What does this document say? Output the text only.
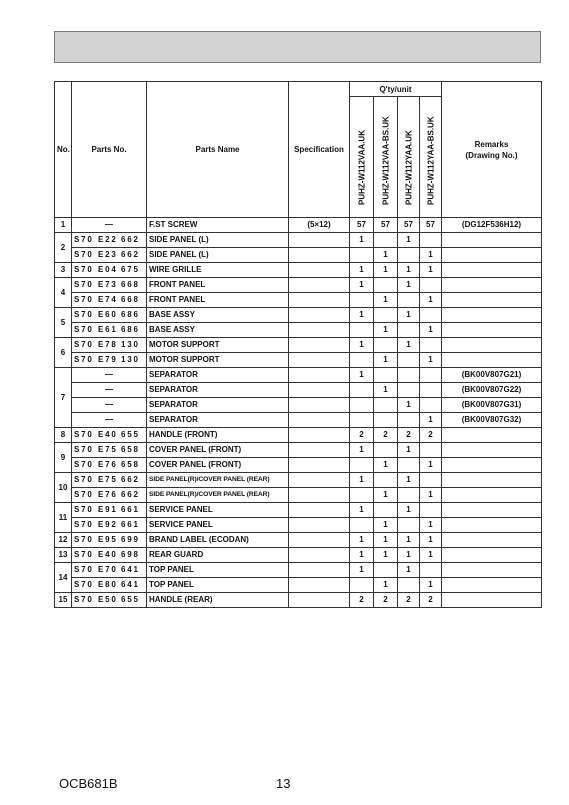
No.	Parts No.	Parts Name	Specification	Q'ty/unit				Remarks
(Drawing No.)

				PUHZ-W112VAA.UK	PUHZ-W112VAA-BS.UK	PUHZ-W112YAA.UK	PUHZ-W112YAA-BS.UK	

1	—	F.ST SCREW	(5×12)	57	57	57	57	(DG12F536H12)
2	S70 E22 662	SIDE PANEL (L)		1		1		
	S70 E23 662	SIDE PANEL (L)			1		1	
3	S70 E04 675	WIRE GRILLE		1	1	1	1	
4	S70 E73 668	FRONT PANEL		1		1		
	S70 E74 668	FRONT PANEL			1		1	
5	S70 E60 686	BASE ASSY		1		1		
	S70 E61 686	BASE ASSY			1		1	
6	S70 E78 130	MOTOR SUPPORT		1		1		
	S70 E79 130	MOTOR SUPPORT			1		1	
7	—	SEPARATOR		1				(BK00V807G21)
	—	SEPARATOR			1			(BK00V807G22)
	—	SEPARATOR				1		(BK00V807G31)
	—	SEPARATOR					1	(BK00V807G32)
8	S70 E40 655	HANDLE (FRONT)		2	2	2	2	
9	S70 E75 658	COVER PANEL (FRONT)		1		1		
	S70 E76 658	COVER PANEL (FRONT)			1		1	
10	S70 E75 662	SIDE PANEL(R)/COVER PANEL (REAR)		1		1		
	S70 E76 662	SIDE PANEL(R)/COVER PANEL (REAR)			1		1	
11	S70 E91 661	SERVICE PANEL		1		1		
	S70 E92 661	SERVICE PANEL			1		1	
12	S70 E95 699	BRAND LABEL (ECODAN)		1	1	1	1	
13	S70 E40 698	REAR GUARD		1	1	1	1	
14	S70 E70 641	TOP PANEL		1		1		
	S70 E80 641	TOP PANEL			1		1	
15	S70 E50 655	HANDLE (REAR)		2	2	2	2	
OCB681B	13
